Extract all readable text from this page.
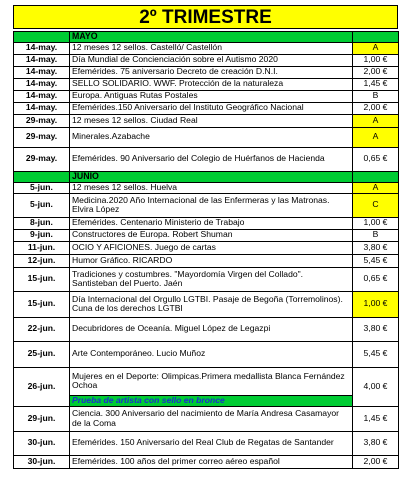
2º TRIMESTRE
	MAYO	
14-may.	12 meses 12 sellos. Castelló/ Castellón	A
14-may.	Día Mundial de Concienciación sobre el Autismo 2020	1,00 €
14-may.	Efemérides. 75 aniversario Decreto de creación D.N.I.	2,00 €
14-may.	SELLO SOLIDARIO. WWF. Protección de la naturaleza	1,45 €
14-may.	Europa. Antiguas Rutas Postales	B
14-may.	Efemérides.150 Aniversario del Instituto Geográfico Nacional	2,00 €
29-may.	12 meses 12 sellos. Ciudad Real	A
29-may.	Minerales.Azabache	A
29-may.	Efemérides. 90 Aniversario del Colegio de Huérfanos de Hacienda	0,65 €
	JUNIO	
5-jun.	12 meses 12 sellos. Huelva	A
5-jun.	Medicina.2020 Año Internacional de las Enfermeras y las Matronas. Elvira López	C
8-jun.	Efemérides. Centenario Ministerio de Trabajo	1,00 €
9-jun.	Constructores de Europa. Robert Shuman	B
11-jun.	OCIO Y AFICIONES. Juego de cartas	3,80 €
12-jun.	Humor Gráfico. RICARDO	5,45 €
15-jun.	Tradiciones y costumbres. "Mayordomía Virgen del Collado". Santisteban del Puerto. Jaén	0,65 €
15-jun.	Día Internacional del Orgullo LGTBI. Pasaje de Begoña (Torremolinos). Cuna de los derechos LGTBI	1,00 €
22-jun.	Decubridores de Oceanía. Miguel López de Legazpi	3,80 €
25-jun.	Arte Contemporáneo. Lucio Muñoz	5,45 €
26-jun.	Mujeres en el Deporte: Olimpicas.Primera medallista Blanca Fernández Ochoa	4,00 €
	Prueba de artista con sello en bronce	
29-jun.	Ciencia. 300 Aniversario del nacimiento de María Andresa Casamayor de la Coma	1,45 €
30-jun.	Efemérides. 150 Aniversario del Real Club de Regatas de Santander	3,80 €
30-jun.	Efemérides. 100 años del primer correo aéreo español	2,00 €
